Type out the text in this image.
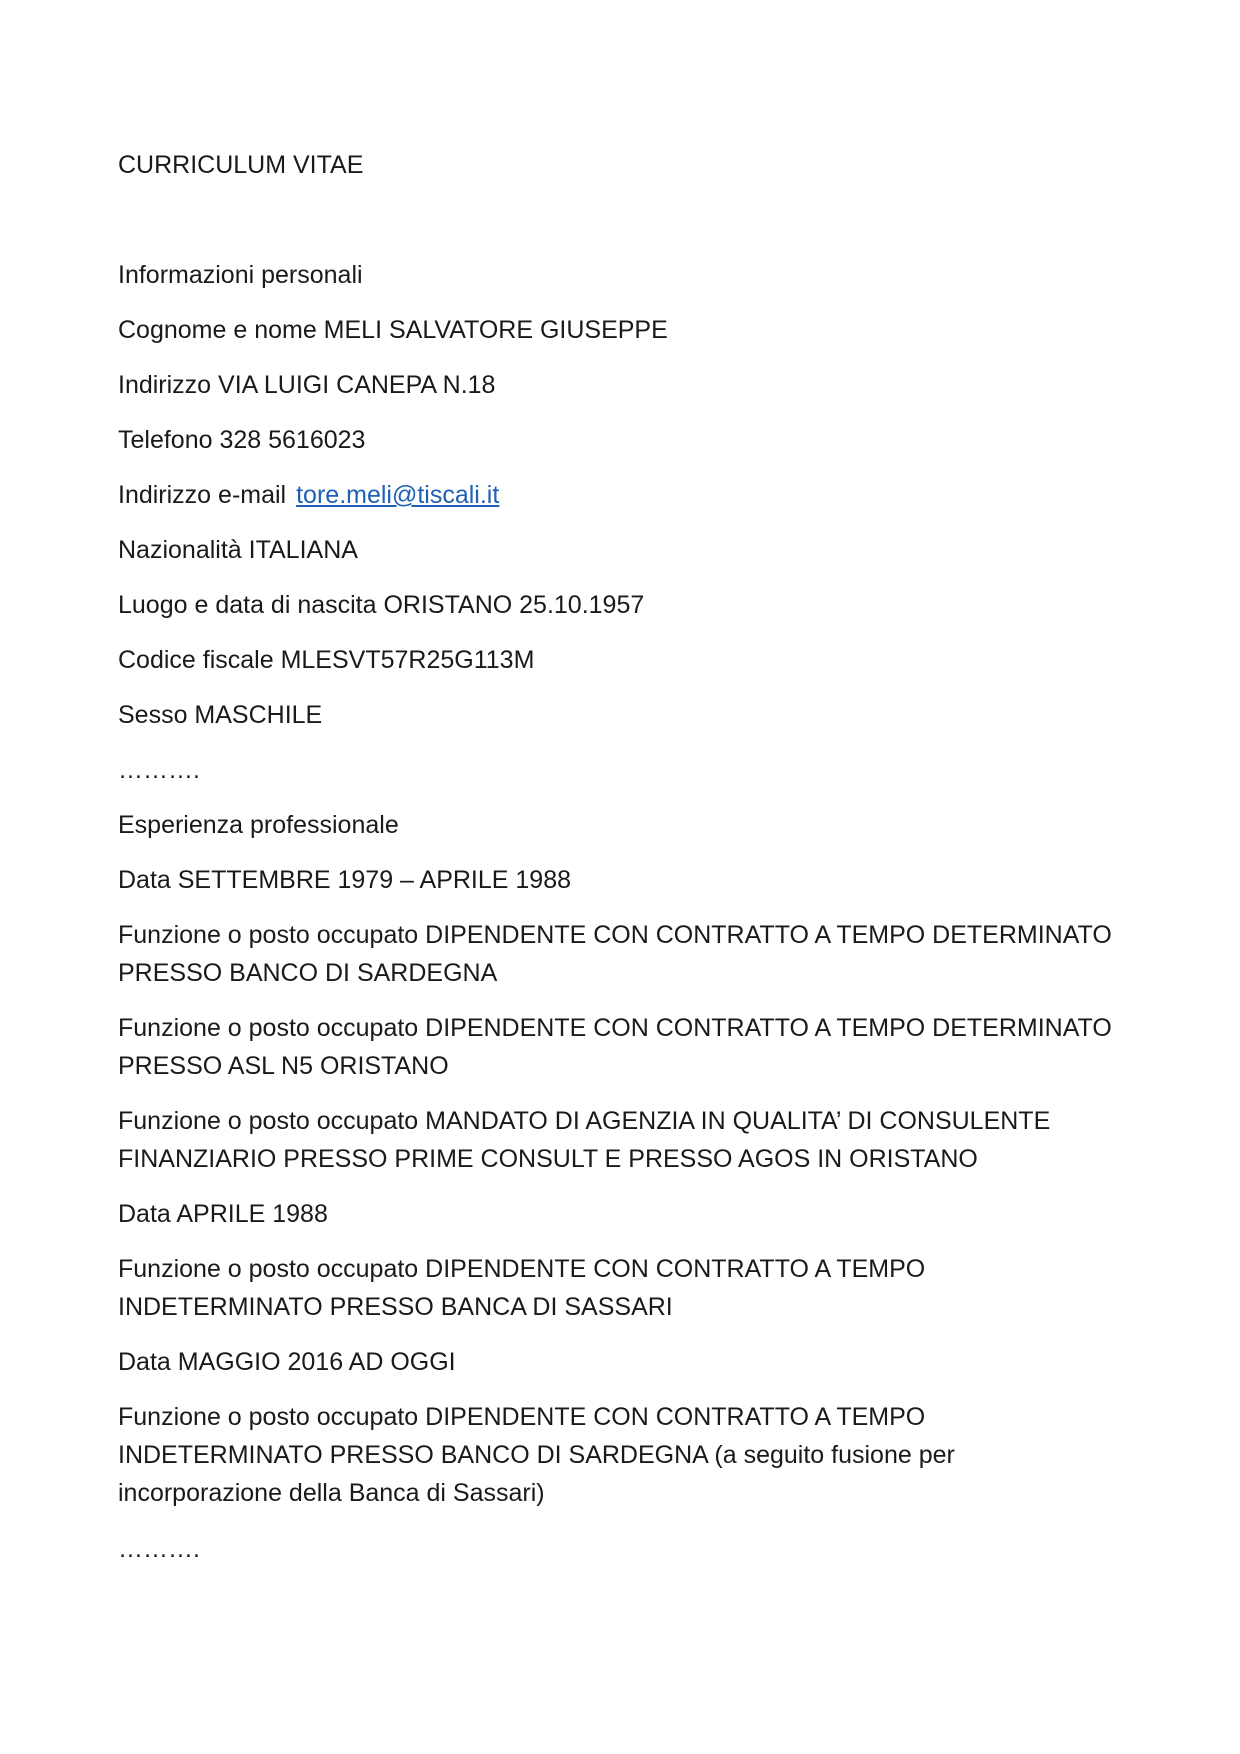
CURRICULUM VITAE

Informazioni personali

Cognome e nome MELI SALVATORE GIUSEPPE

Indirizzo VIA LUIGI CANEPA N.18

Telefono 328 5616023

Indirizzo e-mail tore.meli@tiscali.it

Nazionalità ITALIANA

Luogo e data di nascita ORISTANO 25.10.1957

Codice fiscale MLESVT57R25G113M

Sesso MASCHILE

……….

Esperienza professionale

Data SETTEMBRE 1979 – APRILE 1988

Funzione o posto occupato DIPENDENTE CON CONTRATTO A TEMPO DETERMINATO

PRESSO BANCO DI SARDEGNA

Funzione o posto occupato DIPENDENTE CON CONTRATTO A TEMPO DETERMINATO

PRESSO ASL N5 ORISTANO

Funzione o posto occupato MANDATO DI AGENZIA IN QUALITA’ DI CONSULENTE

FINANZIARIO PRESSO PRIME CONSULT E PRESSO AGOS IN ORISTANO

Data APRILE 1988

Funzione o posto occupato DIPENDENTE CON CONTRATTO A TEMPO

INDETERMINATO PRESSO BANCA DI SASSARI

Data MAGGIO 2016 AD OGGI

Funzione o posto occupato DIPENDENTE CON CONTRATTO A TEMPO

INDETERMINATO PRESSO BANCO DI SARDEGNA (a seguito fusione per

incorporazione della Banca di Sassari)

……….
